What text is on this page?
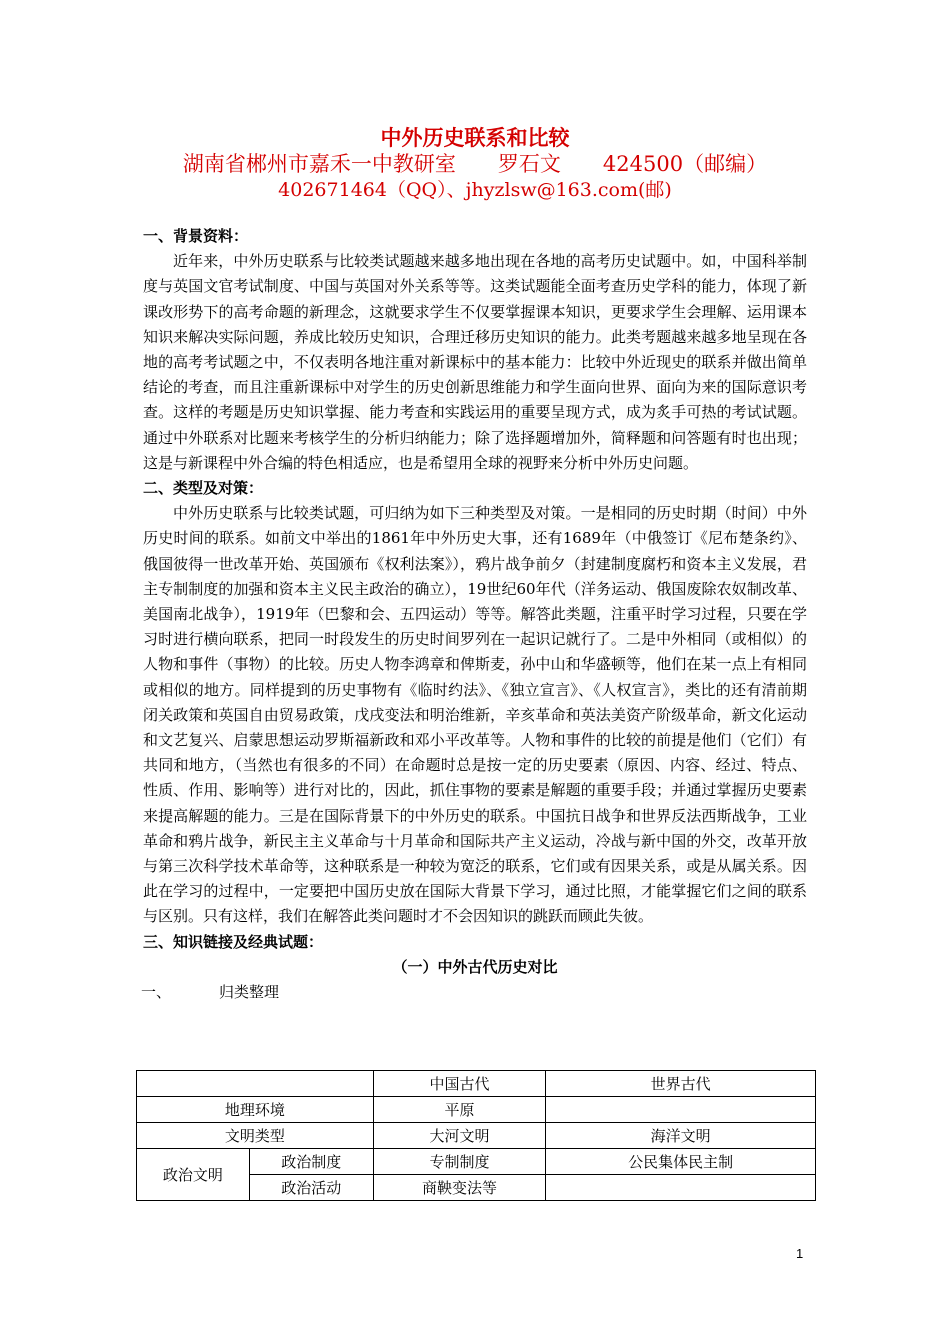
中外历史联系和比较
湖南省郴州市嘉禾一中教研室　　罗石文　　424500（邮编）
402671464（QQ）、jhyzlsw@163.com(邮)
一、背景资料：

近年来，中外历史联系与比较类试题越来越多地出现在各地的高考历史试题中。如，中国科举制度与英国文官考试制度、中国与英国对外关系等等。这类试题能全面考查历史学科的能力，体现了新课改形势下的高考命题的新理念，这就要求学生不仅要掌握课本知识，更要求学生会理解、运用课本知识来解决实际问题，养成比较历史知识，合理迁移历史知识的能力。此类考题越来越多地呈现在各地的高考考试题之中，不仅表明各地注重对新课标中的基本能力：比较中外近现史的联系并做出简单结论的考查，而且注重新课标中对学生的历史创新思维能力和学生面向世界、面向为来的国际意识考查。这样的考题是历史知识掌握、能力考查和实践运用的重要呈现方式，成为炙手可热的考试试题。通过中外联系对比题来考核学生的分析归纳能力；除了选择题增加外，简释题和问答题有时也出现；这是与新课程中外合编的特色相适应，也是希望用全球的视野来分析中外历史问题。

二、类型及对策：

中外历史联系与比较类试题，可归纳为如下三种类型及对策。一是相同的历史时期（时间）中外历史时间的联系。如前文中举出的1861年中外历史大事，还有1689年（中俄签订《尼布楚条约》、俄国彼得一世改革开始、英国颁布《权利法案》），鸦片战争前夕（封建制度腐朽和资本主义发展，君主专制制度的加强和资本主义民主政治的确立），19世纪60年代（洋务运动、俄国废除农奴制改革、美国南北战争），1919年（巴黎和会、五四运动）等等。解答此类题，注重平时学习过程，只要在学习时进行横向联系，把同一时段发生的历史时间罗列在一起识记就行了。二是中外相同（或相似）的人物和事件（事物）的比较。历史人物李鸿章和俾斯麦，孙中山和华盛顿等，他们在某一点上有相同或相似的地方。同样提到的历史事物有《临时约法》、《独立宣言》、《人权宣言》，类比的还有清前期闭关政策和英国自由贸易政策，戊戌变法和明治维新，辛亥革命和英法美资产阶级革命，新文化运动和文艺复兴、启蒙思想运动罗斯福新政和邓小平改革等。人物和事件的比较的前提是他们（它们）有共同和地方，（当然也有很多的不同）在命题时总是按一定的历史要素（原因、内容、经过、特点、性质、作用、影响等）进行对比的，因此，抓住事物的要素是解题的重要手段；并通过掌握历史要素来提高解题的能力。三是在国际背景下的中外历史的联系。中国抗日战争和世界反法西斯战争，工业革命和鸦片战争，新民主主义革命与十月革命和国际共产主义运动，冷战与新中国的外交，改革开放与第三次科学技术革命等，这种联系是一种较为宽泛的联系，它们或有因果关系，或是从属关系。因此在学习的过程中，一定要把中国历史放在国际大背景下学习，通过比照，才能掌握它们之间的联系与区别。只有这样，我们在解答此类问题时才不会因知识的跳跃而顾此失彼。

三、知识链接及经典试题：
（一）中外古代历史对比
一、	归类整理
		中国古代	世界古代
地理环境		平原	
文明类型		大河文明	海洋文明
政治文明	政治制度	专制制度	公民集体民主制
	政治活动	商鞅变法等	
1
